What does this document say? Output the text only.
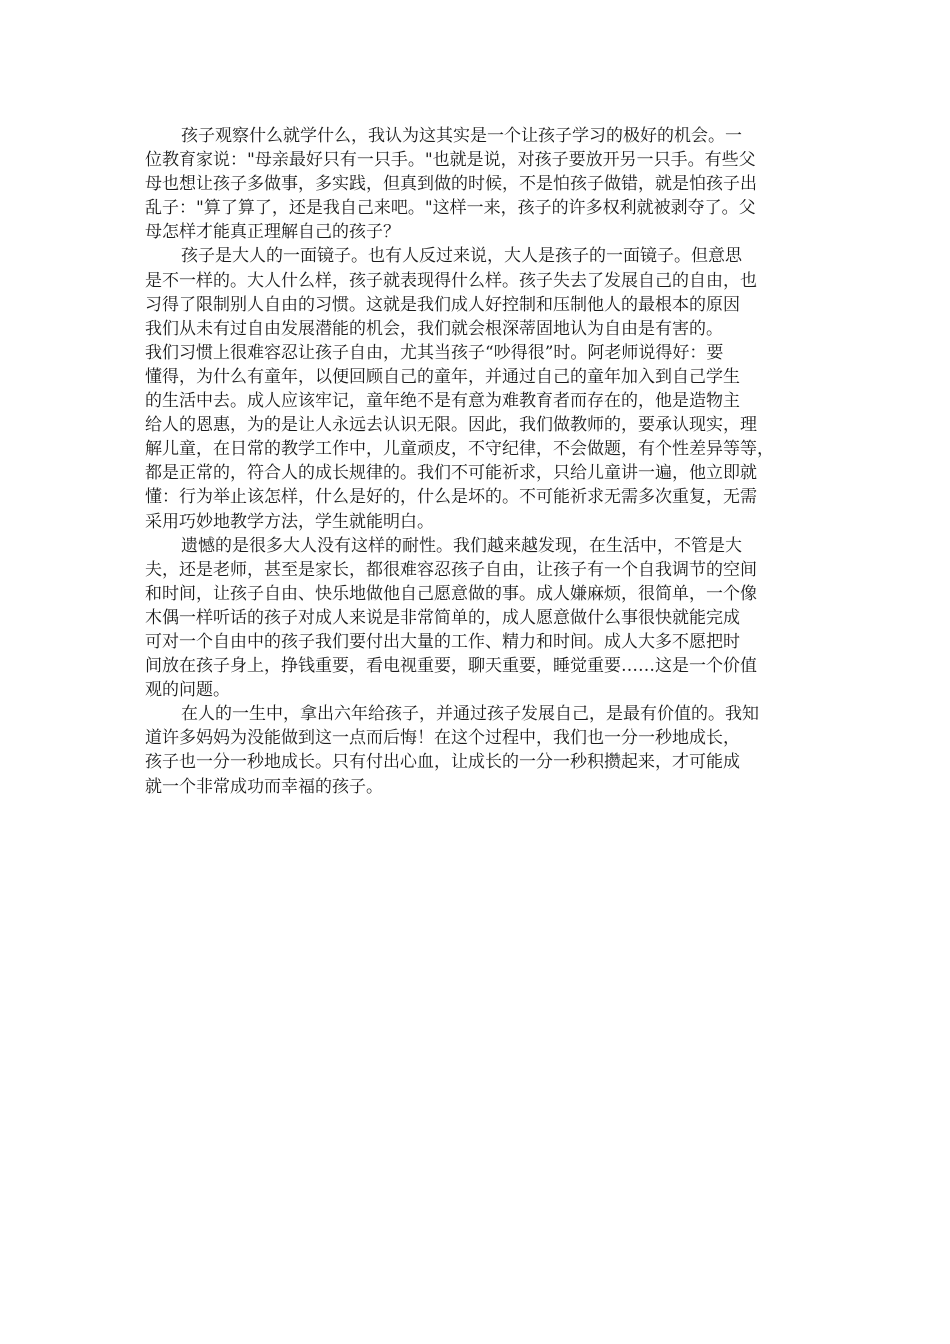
孩子观察什么就学什么，我认为这其实是一个让孩子学习的极好的机会。一
位教育家说："母亲最好只有一只手。"也就是说，对孩子要放开另一只手。有些父
母也想让孩子多做事，多实践，但真到做的时候，不是怕孩子做错，就是怕孩子出
乱子："算了算了，还是我自己来吧。"这样一来，孩子的许多权利就被剥夺了。父
母怎样才能真正理解自己的孩子？
孩子是大人的一面镜子。也有人反过来说，大人是孩子的一面镜子。但意思
是不一样的。大人什么样，孩子就表现得什么样。孩子失去了发展自己的自由，也
习得了限制别人自由的习惯。这就是我们成人好控制和压制他人的最根本的原因
我们从未有过自由发展潜能的机会，我们就会根深蒂固地认为自由是有害的。
我们习惯上很难容忍让孩子自由，尤其当孩子“吵得很”时。阿老师说得好：要
懂得，为什么有童年，以便回顾自己的童年，并通过自己的童年加入到自己学生
的生活中去。成人应该牢记，童年绝不是有意为难教育者而存在的，他是造物主
给人的恩惠，为的是让人永远去认识无限。因此，我们做教师的，要承认现实，理
解儿童，在日常的教学工作中，儿童顽皮，不守纪律，不会做题，有个性差异等等，
都是正常的，符合人的成长规律的。我们不可能祈求，只给儿童讲一遍，他立即就
懂：行为举止该怎样，什么是好的，什么是坏的。不可能祈求无需多次重复，无需
采用巧妙地教学方法，学生就能明白。
遗憾的是很多大人没有这样的耐性。我们越来越发现，在生活中，不管是大
夫，还是老师，甚至是家长，都很难容忍孩子自由，让孩子有一个自我调节的空间
和时间，让孩子自由、快乐地做他自己愿意做的事。成人嫌麻烦，很简单，一个像
木偶一样听话的孩子对成人来说是非常简单的，成人愿意做什么事很快就能完成
可对一个自由中的孩子我们要付出大量的工作、精力和时间。成人大多不愿把时
间放在孩子身上，挣钱重要，看电视重要，聊天重要，睡觉重要……这是一个价值
观的问题。
在人的一生中，拿出六年给孩子，并通过孩子发展自己，是最有价值的。我知
道许多妈妈为没能做到这一点而后悔！在这个过程中，我们也一分一秒地成长，
孩子也一分一秒地成长。只有付出心血，让成长的一分一秒积攒起来，才可能成
就一个非常成功而幸福的孩子。
